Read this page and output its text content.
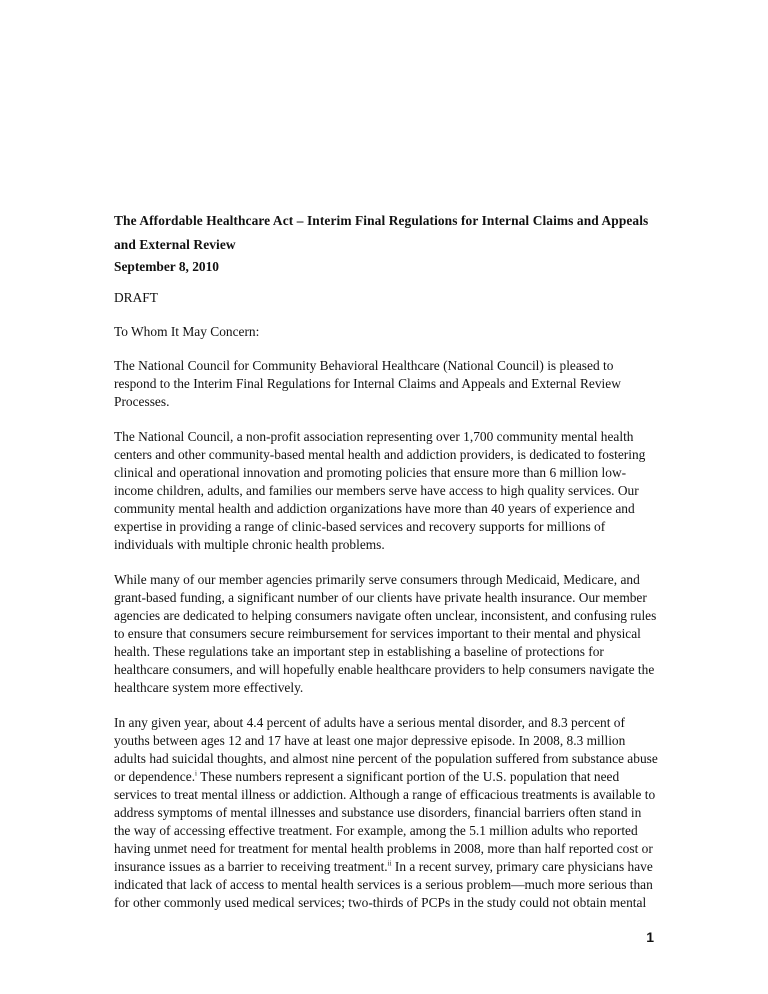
The Affordable Healthcare Act – Interim Final Regulations for Internal Claims and Appeals and External Review

September 8, 2010

DRAFT

To Whom It May Concern:

The National Council for Community Behavioral Healthcare (National Council) is pleased to respond to the Interim Final Regulations for Internal Claims and Appeals and External Review Processes.

The National Council, a non-profit association representing over 1,700 community mental health centers and other community-based mental health and addiction providers, is dedicated to fostering clinical and operational innovation and promoting policies that ensure more than 6 million low-income children, adults, and families our members serve have access to high quality services. Our community mental health and addiction organizations have more than 40 years of experience and expertise in providing a range of clinic-based services and recovery supports for millions of individuals with multiple chronic health problems.

While many of our member agencies primarily serve consumers through Medicaid, Medicare, and grant-based funding, a significant number of our clients have private health insurance. Our member agencies are dedicated to helping consumers navigate often unclear, inconsistent, and confusing rules to ensure that consumers secure reimbursement for services important to their mental and physical health. These regulations take an important step in establishing a baseline of protections for healthcare consumers, and will hopefully enable healthcare providers to help consumers navigate the healthcare system more effectively.

In any given year, about 4.4 percent of adults have a serious mental disorder, and 8.3 percent of youths between ages 12 and 17 have at least one major depressive episode. In 2008, 8.3 million adults had suicidal thoughts, and almost nine percent of the population suffered from substance abuse or dependence.$^i$ These numbers represent a significant portion of the U.S. population that need services to treat mental illness or addiction. Although a range of efficacious treatments is available to address symptoms of mental illnesses and substance use disorders, financial barriers often stand in the way of accessing effective treatment. For example, among the 5.1 million adults who reported having unmet need for treatment for mental health problems in 2008, more than half reported cost or insurance issues as a barrier to receiving treatment.$^{ii}$ In a recent survey, primary care physicians have indicated that lack of access to mental health services is a serious problem—much more serious than for other commonly used medical services; two-thirds of PCPs in the study could not obtain mental

1
